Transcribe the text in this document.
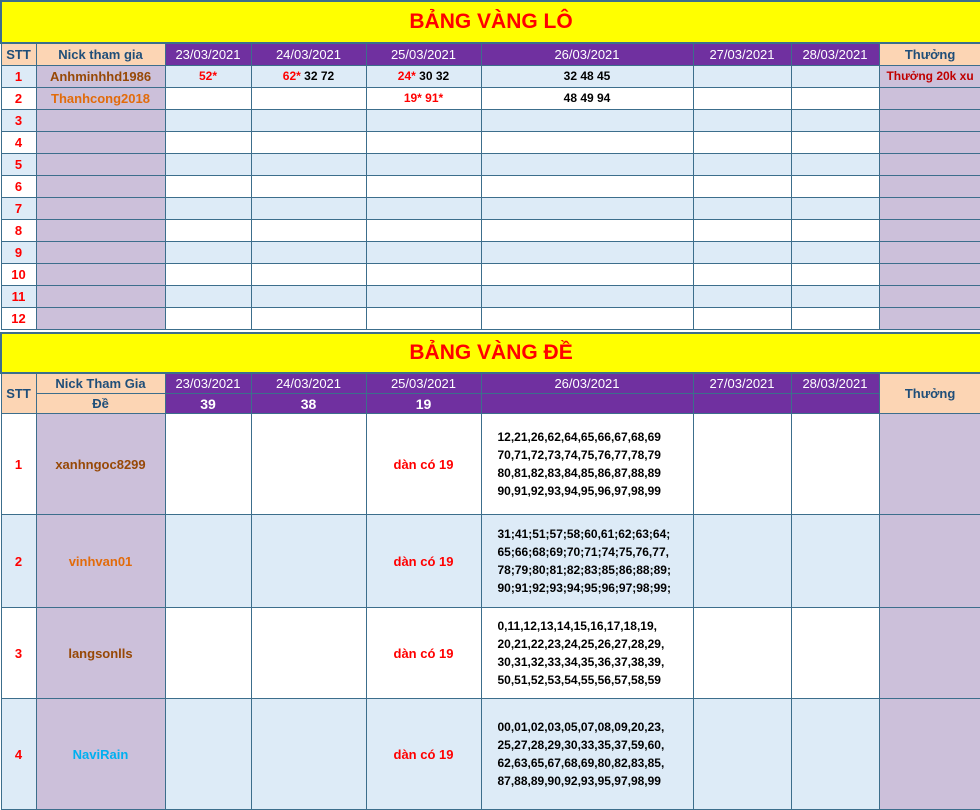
BẢNG VÀNG LÔ								
STT	Nick tham gia	23/03/2021	24/03/2021	25/03/2021	26/03/2021	27/03/2021	28/03/2021	Thưởng
1	Anhminhhd1986	52*	62* 32 72	24* 30 32	32 48 45			Thưởng 20k xu
2	Thanhcong2018			19* 91*	48 49 94			
3								
4								
5								
6								
7								
8								
9								
10								
11								
12								
BẢNG VÀNG ĐỀ								
STT	Nick Tham Gia	23/03/2021	24/03/2021	25/03/2021	26/03/2021	27/03/2021	28/03/2021	Thưởng
	Đề	39	38	19				
1	xanhngoc8299			dàn có 19	12,21,26,62,64,65,66,67,68,69
70,71,72,73,74,75,76,77,78,79
80,81,82,83,84,85,86,87,88,89
90,91,92,93,94,95,96,97,98,99			

2	vinhvan01			dàn có 19	31;41;51;57;58;60,61;62;63;64;
65;66;68;69;70;71;74;75,76,77,
78;79;80;81;82;83;85;86;88;89;
90;91;92;93;94;95;96;97;98;99;			

3	langsonlls			dàn có 19	0,11,12,13,14,15,16,17,18,19,
20,21,22,23,24,25,26,27,28,29,
30,31,32,33,34,35,36,37,38,39,
50,51,52,53,54,55,56,57,58,59			

4	NaviRain			dàn có 19	00,01,02,03,05,07,08,09,20,23,
25,27,28,29,30,33,35,37,59,60,
62,63,65,67,68,69,80,82,83,85,
87,88,89,90,92,93,95,97,98,99			
